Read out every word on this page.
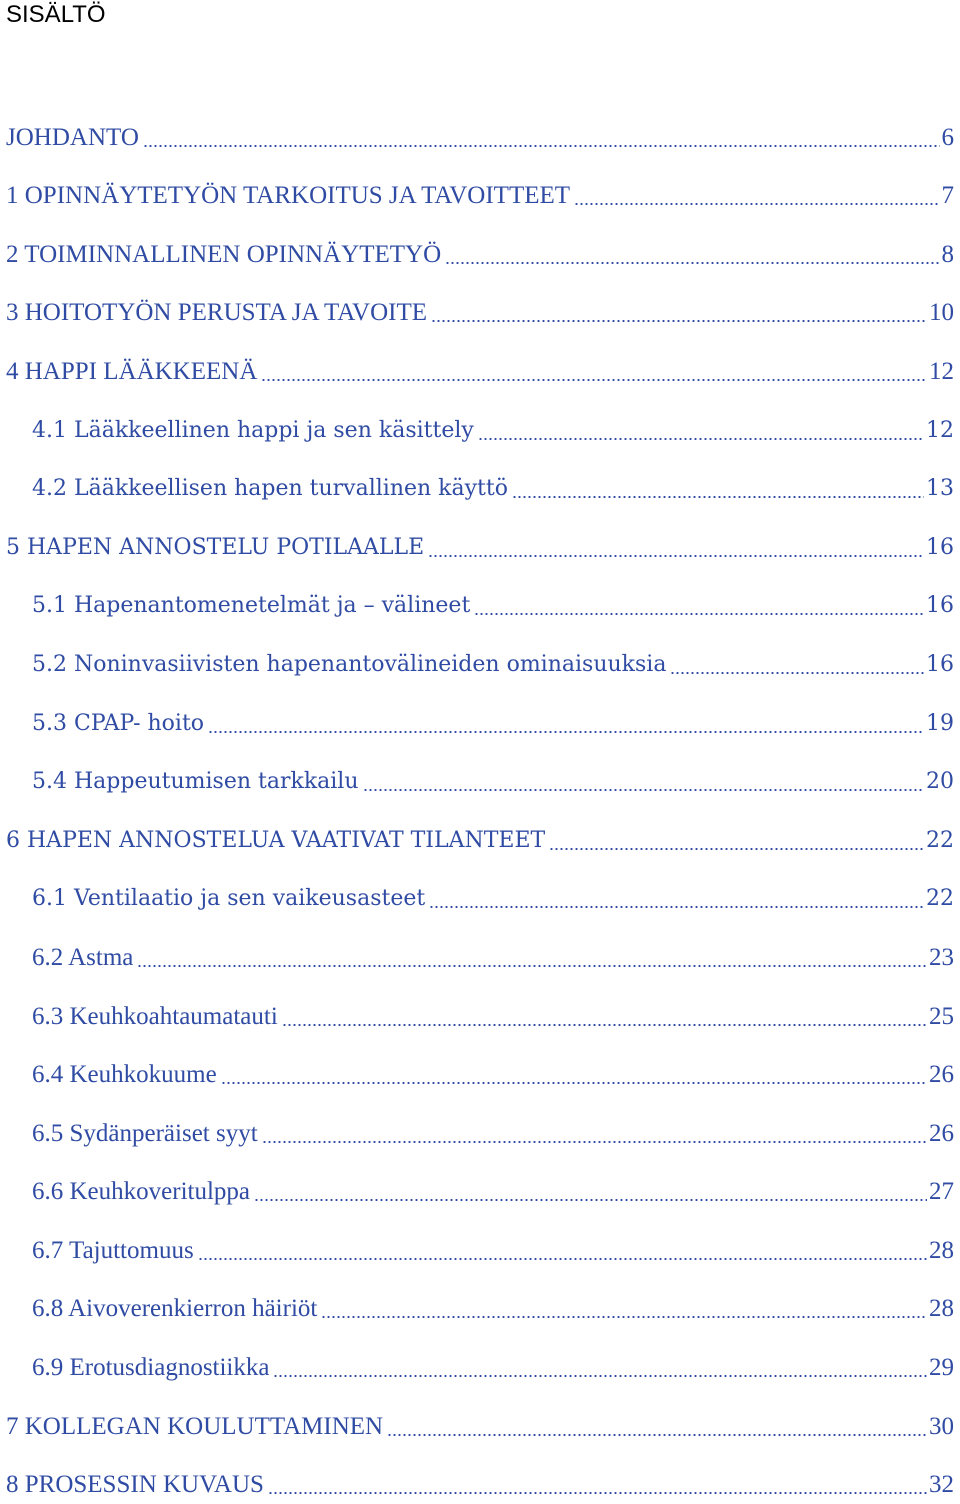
SISÄLTÖ
JOHDANTO	6
1 OPINNÄYTETYÖN TARKOITUS JA TAVOITTEET	7
2 TOIMINNALLINEN OPINNÄYTETYÖ	8
3 HOITOTYÖN PERUSTA JA TAVOITE	10
4 HAPPI LÄÄKKEENÄ	12
4.1 Lääkkeellinen happi ja sen käsittely	12
4.2 Lääkkeellisen hapen turvallinen käyttö	13
5 HAPEN ANNOSTELU POTILAALLE	16
5.1 Hapenantomenetelmät ja – välineet	16
5.2 Noninvasiivisten hapenantovälineiden ominaisuuksia	16
5.3 CPAP- hoito	19
5.4 Happeutumisen tarkkailu	20
6 HAPEN ANNOSTELUA VAATIVAT TILANTEET	22
6.1 Ventilaatio ja sen vaikeusasteet	22
6.2 Astma	23
6.3 Keuhkoahtaumatauti	25
6.4 Keuhkokuume	26
6.5 Sydänperäiset syyt	26
6.6 Keuhkoveritulppa	27
6.7 Tajuttomuus	28
6.8 Aivoverenkierron häiriöt	28
6.9 Erotusdiagnostiikka	29
7 KOLLEGAN KOULUTTAMINEN	30
8 PROSESSIN KUVAUS	32
